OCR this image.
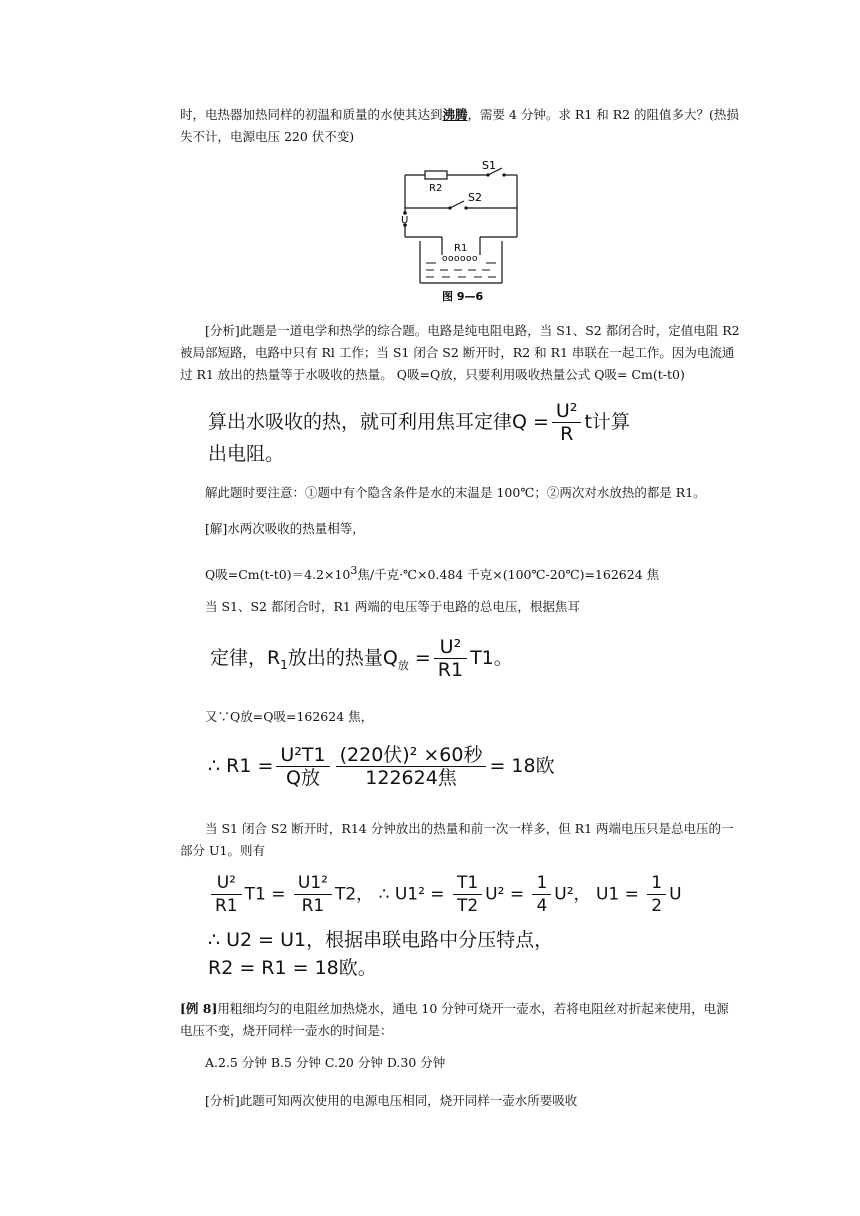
时，电热器加热同样的初温和质量的水使其达到沸腾，需要 4 分钟。求 R1 和 R2 的阻值多大？(热损失不计，电源电压 220 伏不变)

S1
R2
S2
U
R1
oooooo
图 9—6

[分析]此题是一道电学和热学的综合题。电路是纯电阻电路，当 S1、S2 都闭合时，定值电阻 R2 被局部短路，电路中只有 Rl 工作；当 S1 闭合 S2 断开时，R2 和 R1 串联在一起工作。因为电流通过 R1 放出的热量等于水吸收的热量。 Q吸=Q放，只要利用吸收热量公式 Q吸= Cm(t-t0)

算出水吸收的热，就可利用焦耳定律$Q = \frac{\text{U²}}{R}$ t计算
出电阻。

解此题时要注意：①题中有个隐含条件是水的末温是 100℃；②两次对水放热的都是 R1。

[解]水两次吸收的热量相等，

Q吸$=Cm(t-t0)=4.2\times 10^3$焦/千克·℃×0.484 千克×(100℃-20℃)=162624 焦

当 S1、S2 都闭合时，R1 两端的电压等于电路的总电压，根据焦耳

定律，$R_1$放出的热量$Q_放 = \frac{\text{U²}}{R1} T1$。

又∵Q放=Q吸=162624 焦，

∴ $R1 = \frac{\text{U²T1}}{\text{Q放}} \frac{\text{(220伏)² ×60秒}}{\text{122624焦}} = 18$欧

当 S1 闭合 S2 断开时，R14 分钟放出的热量和前一次一样多，但 R1 两端电压只是总电压的一部分 U1。则有

$\frac{\text{U²}}{R1} T1 = \frac{\text{U1²}}{R1} T2$， ∴ $U1^2 = \frac{T1}{T2} U^2 = \frac{1}{4} U^2$， $U1 = \frac{1}{2}$ U
∴ U2 = U1，根据串联电路中分压特点，
R2 = R1 = 18欧。

[例 8]用粗细均匀的电阻丝加热烧水，通电 10 分钟可烧开一壶水，若将电阻丝对折起来使用，电源电压不变，烧开同样一壶水的时间是：

A.2.5 分钟 B.5 分钟 C.20 分钟 D.30 分钟

[分析]此题可知两次使用的电源电压相同，烧开同样一壶水所要吸收
